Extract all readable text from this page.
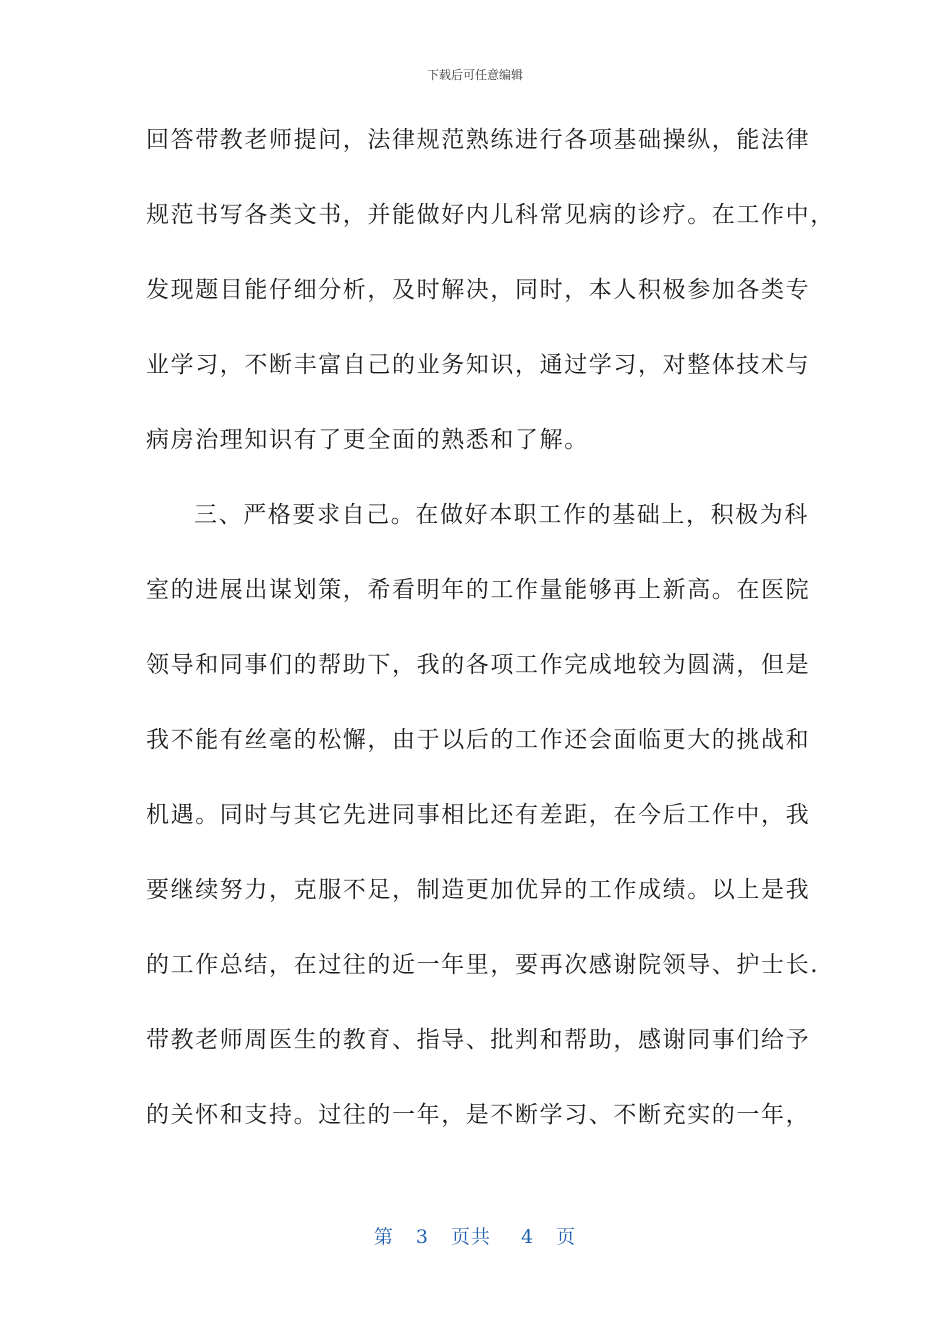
下载后可任意编辑
回答带教老师提问，法律规范熟练进行各项基础操纵，能法律
规范书写各类文书，并能做好内儿科常见病的诊疗。在工作中，
发现题目能仔细分析，及时解决，同时，本人积极参加各类专
业学习，不断丰富自己的业务知识，通过学习，对整体技术与
病房治理知识有了更全面的熟悉和了解。
三、严格要求自己。在做好本职工作的基础上，积极为科
室的进展出谋划策，希看明年的工作量能够再上新高。在医院
领导和同事们的帮助下，我的各项工作完成地较为圆满，但是
我不能有丝毫的松懈，由于以后的工作还会面临更大的挑战和
机遇。同时与其它先进同事相比还有差距，在今后工作中，我
要继续努力，克服不足，制造更加优异的工作成绩。以上是我
的工作总结，在过往的近一年里，要再次感谢院领导、护士长.
带教老师周医生的教育、指导、批判和帮助，感谢同事们给予
的关怀和支持。过往的一年，是不断学习、不断充实的一年，
第 3 页共 4 页
